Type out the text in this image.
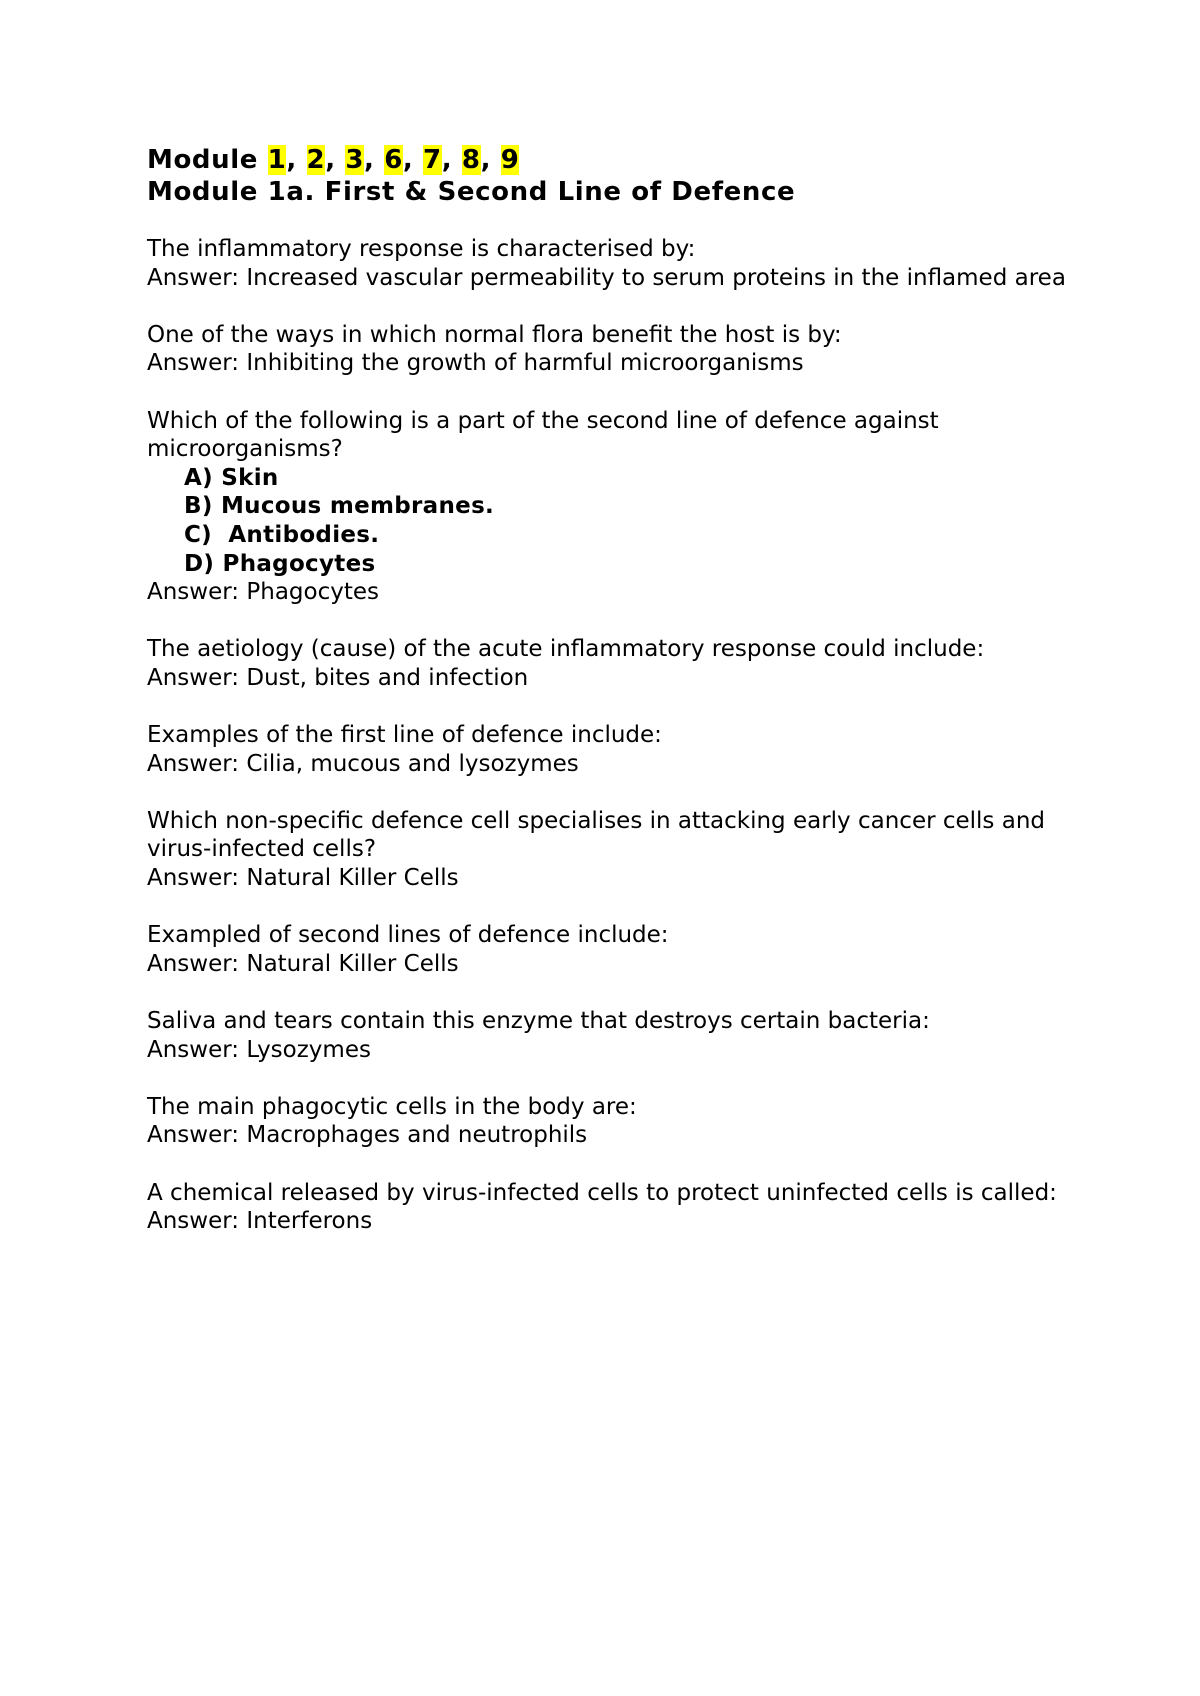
Module 1, 2, 3, 6, 7, 8, 9
Module 1a. First & Second Line of Defence

The inflammatory response is characterised by:

Answer: Increased vascular permeability to serum proteins in the inflamed area

One of the ways in which normal flora benefit the host is by:

Answer: Inhibiting the growth of harmful microorganisms

Which of the following is a part of the second line of defence against microorganisms?

A) Skin
B) Mucous membranes.
C) Antibodies.
D) Phagocytes

Answer: Phagocytes

The aetiology (cause) of the acute inflammatory response could include:

Answer: Dust, bites and infection

Examples of the first line of defence include:

Answer: Cilia, mucous and lysozymes

Which non-specific defence cell specialises in attacking early cancer cells and virus-infected cells?

Answer: Natural Killer Cells

Exampled of second lines of defence include:

Answer: Natural Killer Cells

Saliva and tears contain this enzyme that destroys certain bacteria:

Answer: Lysozymes

The main phagocytic cells in the body are:

Answer: Macrophages and neutrophils

A chemical released by virus-infected cells to protect uninfected cells is called:

Answer: Interferons
